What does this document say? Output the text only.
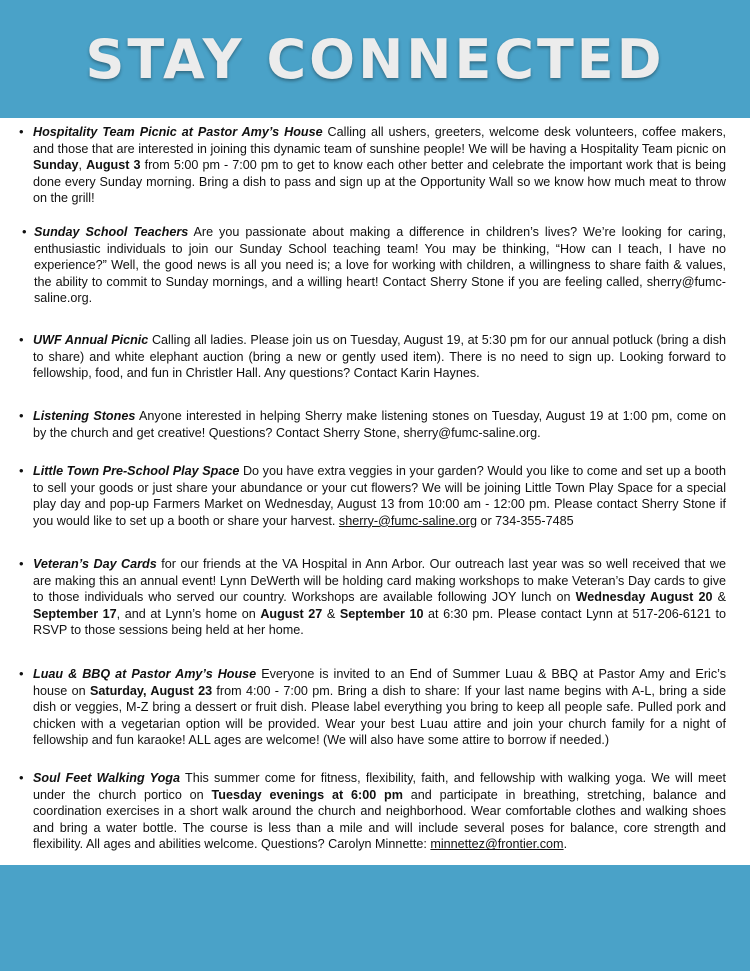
STAY CONNECTED
• Hospitality Team Picnic at Pastor Amy’s House Calling all ushers, greeters, welcome desk volunteers, coffee makers, and those that are interested in joining this dynamic team of sunshine people! We will be having a Hospitality Team picnic on Sunday, August 3 from 5:00 pm - 7:00 pm to get to know each other better and celebrate the important work that is being done every Sunday morning. Bring a dish to pass and sign up at the Opportunity Wall so we know how much meat to throw on the grill!
• Sunday School Teachers Are you passionate about making a difference in children’s lives? We’re looking for caring, enthusiastic individuals to join our Sunday School teaching team! You may be thinking, “How can I teach, I have no experience?” Well, the good news is all you need is; a love for working with children, a willingness to share faith & values, the ability to commit to Sunday mornings, and a willing heart! Contact Sherry Stone if you are feeling called, sherry@fumc-saline.org.
• UWF Annual Picnic Calling all ladies. Please join us on Tuesday, August 19, at 5:30 pm for our annual potluck (bring a dish to share) and white elephant auction (bring a new or gently used item). There is no need to sign up. Looking forward to fellowship, food, and fun in Christler Hall. Any questions? Contact Karin Haynes.
• Listening Stones Anyone interested in helping Sherry make listening stones on Tuesday, August 19 at 1:00 pm, come on by the church and get creative! Questions? Contact Sherry Stone, sherry@fumc-saline.org.
• Little Town Pre-School Play Space Do you have extra veggies in your garden? Would you like to come and set up a booth to sell your goods or just share your abundance or your cut flowers? We will be joining Little Town Play Space for a special play day and pop-up Farmers Market on Wednesday, August 13 from 10:00 am - 12:00 pm. Please contact Sherry Stone if you would like to set up a booth or share your harvest. sherry-@fumc-saline.org or 734-355-7485
• Veteran’s Day Cards for our friends at the VA Hospital in Ann Arbor. Our outreach last year was so well received that we are making this an annual event! Lynn DeWerth will be holding card making workshops to make Veteran’s Day cards to give to those individuals who served our country. Workshops are available following JOY lunch on Wednesday August 20 & September 17, and at Lynn’s home on August 27 & September 10 at 6:30 pm. Please contact Lynn at 517-206-6121 to RSVP to those sessions being held at her home.
• Luau & BBQ at Pastor Amy’s House Everyone is invited to an End of Summer Luau & BBQ at Pastor Amy and Eric’s house on Saturday, August 23 from 4:00 - 7:00 pm. Bring a dish to share: If your last name begins with A-L, bring a side dish or veggies, M-Z bring a dessert or fruit dish. Please label everything you bring to keep all people safe. Pulled pork and chicken with a vegetarian option will be provided. Wear your best Luau attire and join your church family for a night of fellowship and fun karaoke! ALL ages are welcome! (We will also have some attire to borrow if needed.)
• Soul Feet Walking Yoga This summer come for fitness, flexibility, faith, and fellowship with walking yoga. We will meet under the church portico on Tuesday evenings at 6:00 pm and participate in breathing, stretching, balance and coordination exercises in a short walk around the church and neighborhood. Wear comfortable clothes and walking shoes and bring a water bottle. The course is less than a mile and will include several poses for balance, core strength and flexibility. All ages and abilities welcome. Questions? Carolyn Minnette: minnettez@frontier.com.
